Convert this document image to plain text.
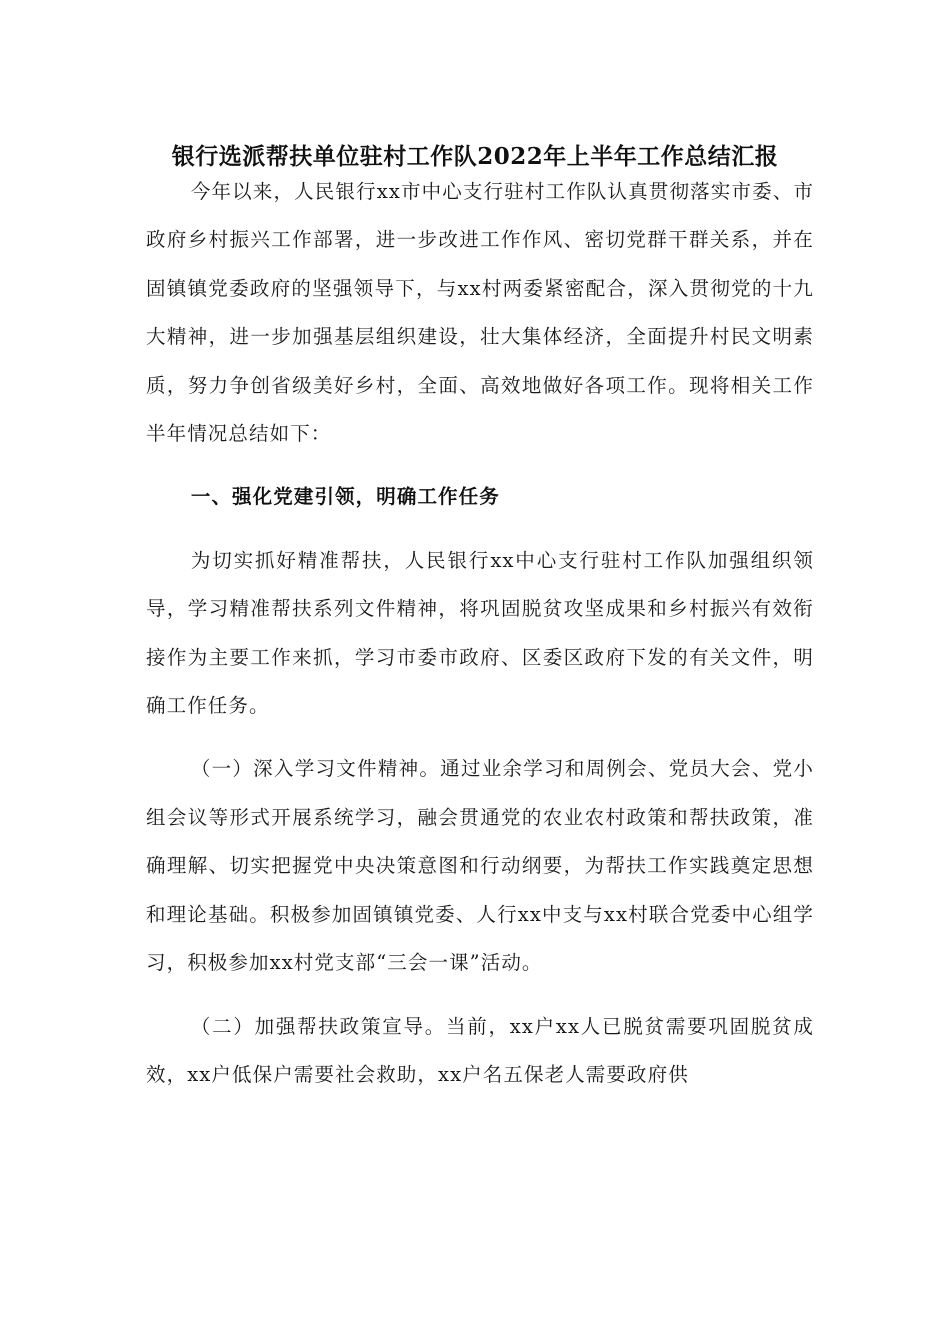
银行选派帮扶单位驻村工作队2022年上半年工作总结汇报

今年以来，人民银行xx市中心支行驻村工作队认真贯彻落实市委、市政府乡村振兴工作部署，进一步改进工作作风、密切党群干群关系，并在固镇镇党委政府的坚强领导下，与xx村两委紧密配合，深入贯彻党的十九大精神，进一步加强基层组织建设，壮大集体经济，全面提升村民文明素质，努力争创省级美好乡村，全面、高效地做好各项工作。现将相关工作半年情况总结如下：

一、强化党建引领，明确工作任务

为切实抓好精准帮扶，人民银行xx中心支行驻村工作队加强组织领导，学习精准帮扶系列文件精神，将巩固脱贫攻坚成果和乡村振兴有效衔接作为主要工作来抓，学习市委市政府、区委区政府下发的有关文件，明确工作任务。

（一）深入学习文件精神。通过业余学习和周例会、党员大会、党小组会议等形式开展系统学习，融会贯通党的农业农村政策和帮扶政策，准确理解、切实把握党中央决策意图和行动纲要，为帮扶工作实践奠定思想和理论基础。积极参加固镇镇党委、人行xx中支与xx村联合党委中心组学习，积极参加xx村党支部“三会一课”活动。

（二）加强帮扶政策宣导。当前，xx户xx人已脱贫需要巩固脱贫成效，xx户低保户需要社会救助，xx户名五保老人需要政府供
